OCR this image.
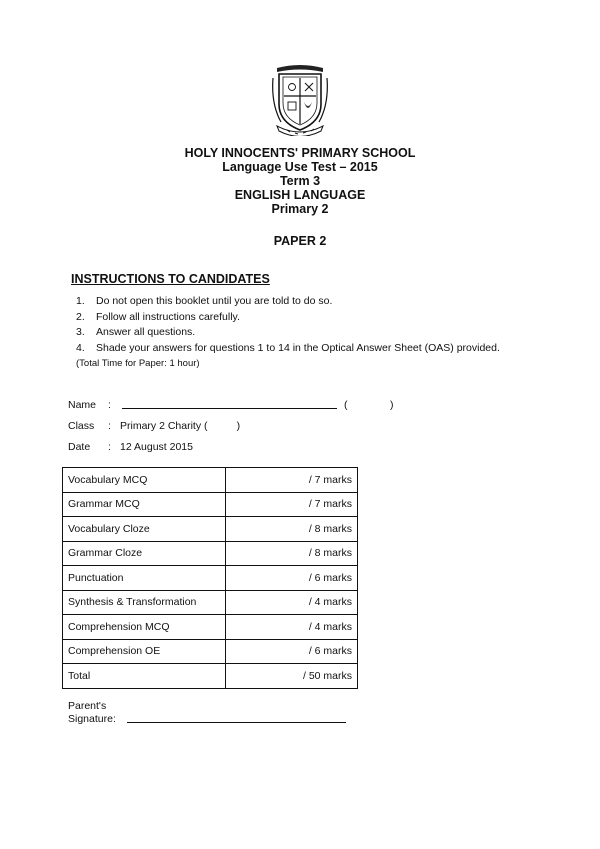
HOLY INNOCENTS' PRIMARY SCHOOL
Language Use Test – 2015
Term 3
ENGLISH LANGUAGE
Primary 2
PAPER 2
INSTRUCTIONS TO CANDIDATES
1.	Do not open this booklet until you are told to do so.
2.	Follow all instructions carefully.
3.	Answer all questions.
4.	Shade your answers for questions 1 to 14 in the Optical Answer Sheet (OAS) provided.
(Total Time for Paper: 1 hour)
Name	:	(	)
Class	: Primary 2 Charity (          )
Date	: 12 August 2015
Vocabulary MCQ	/ 7 marks
Grammar MCQ	/ 7 marks
Vocabulary Cloze	/ 8 marks
Grammar Cloze	/ 8 marks
Punctuation	/ 6 marks
Synthesis & Transformation	/ 4 marks
Comprehension MCQ	/ 4 marks
Comprehension OE	/ 6 marks
Total	/ 50 marks
Parent's
Signature:
